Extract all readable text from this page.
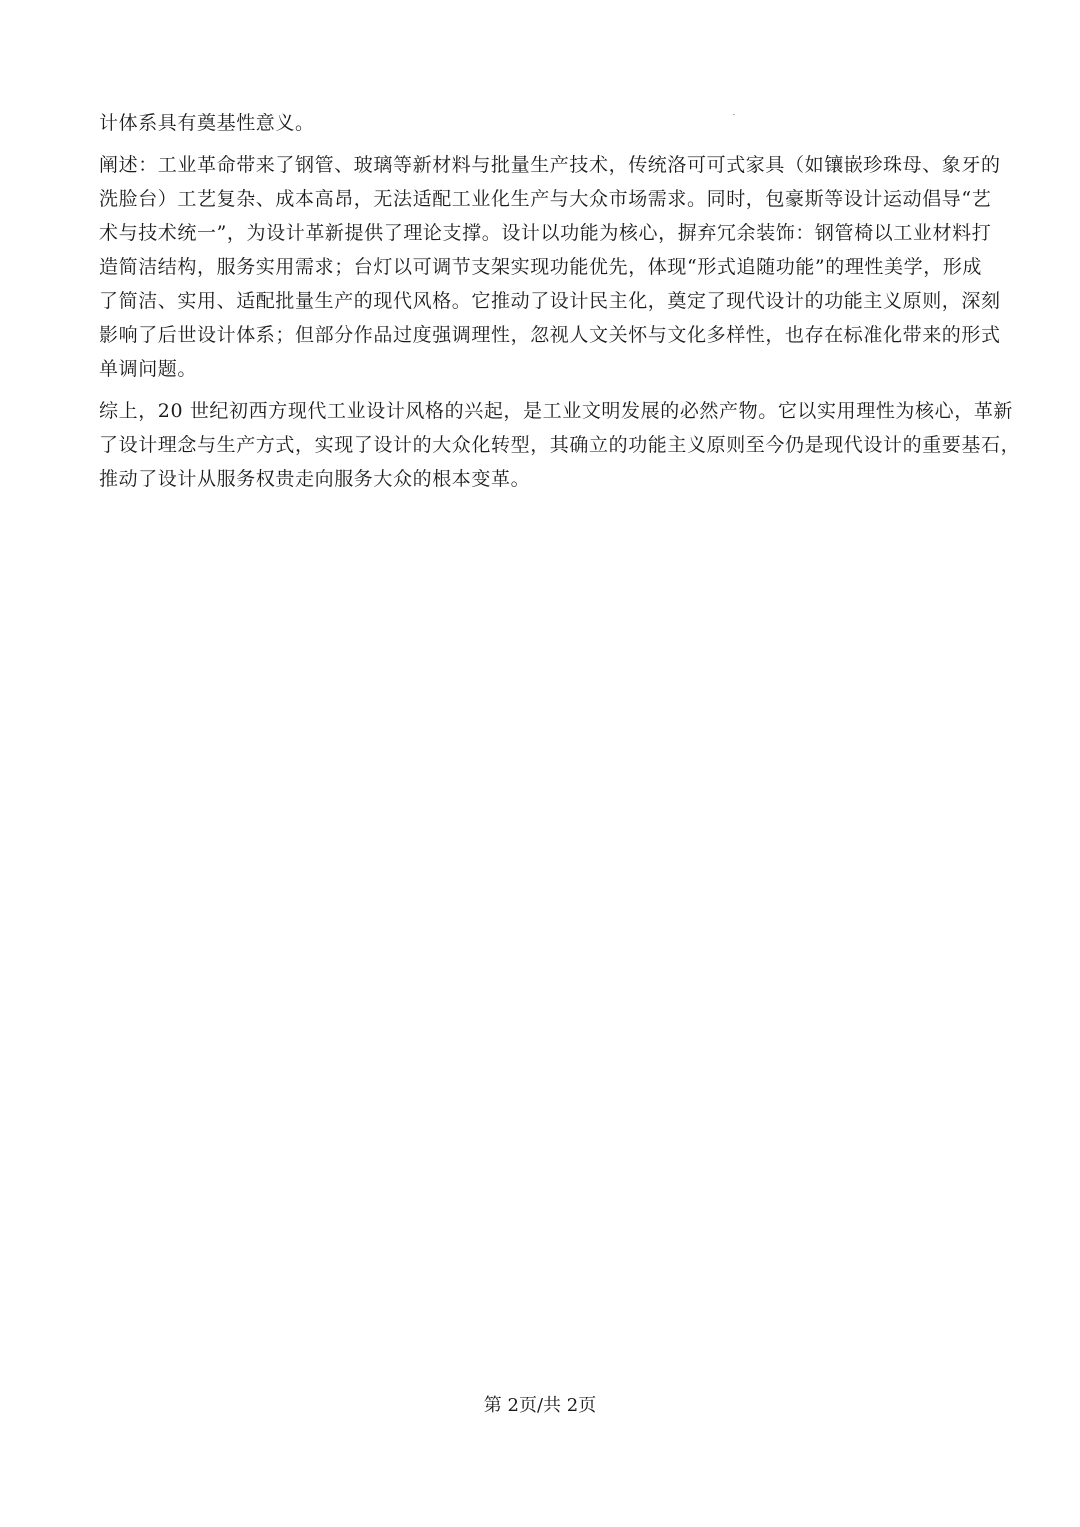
计体系具有奠基性意义。
阐述：工业革命带来了钢管、玻璃等新材料与批量生产技术，传统洛可可式家具（如镶嵌珍珠母、象牙的
洗脸台）工艺复杂、成本高昂，无法适配工业化生产与大众市场需求。同时，包豪斯等设计运动倡导“艺
术与技术统一”，为设计革新提供了理论支撑。设计以功能为核心，摒弃冗余装饰：钢管椅以工业材料打
造简洁结构，服务实用需求；台灯以可调节支架实现功能优先，体现“形式追随功能”的理性美学，形成
了简洁、实用、适配批量生产的现代风格。它推动了设计民主化，奠定了现代设计的功能主义原则，深刻
影响了后世设计体系；但部分作品过度强调理性，忽视人文关怀与文化多样性，也存在标准化带来的形式
单调问题。
综上，20 世纪初西方现代工业设计风格的兴起，是工业文明发展的必然产物。它以实用理性为核心，革新
了设计理念与生产方式，实现了设计的大众化转型，其确立的功能主义原则至今仍是现代设计的重要基石，
推动了设计从服务权贵走向服务大众的根本变革。
第 2页/共 2页
